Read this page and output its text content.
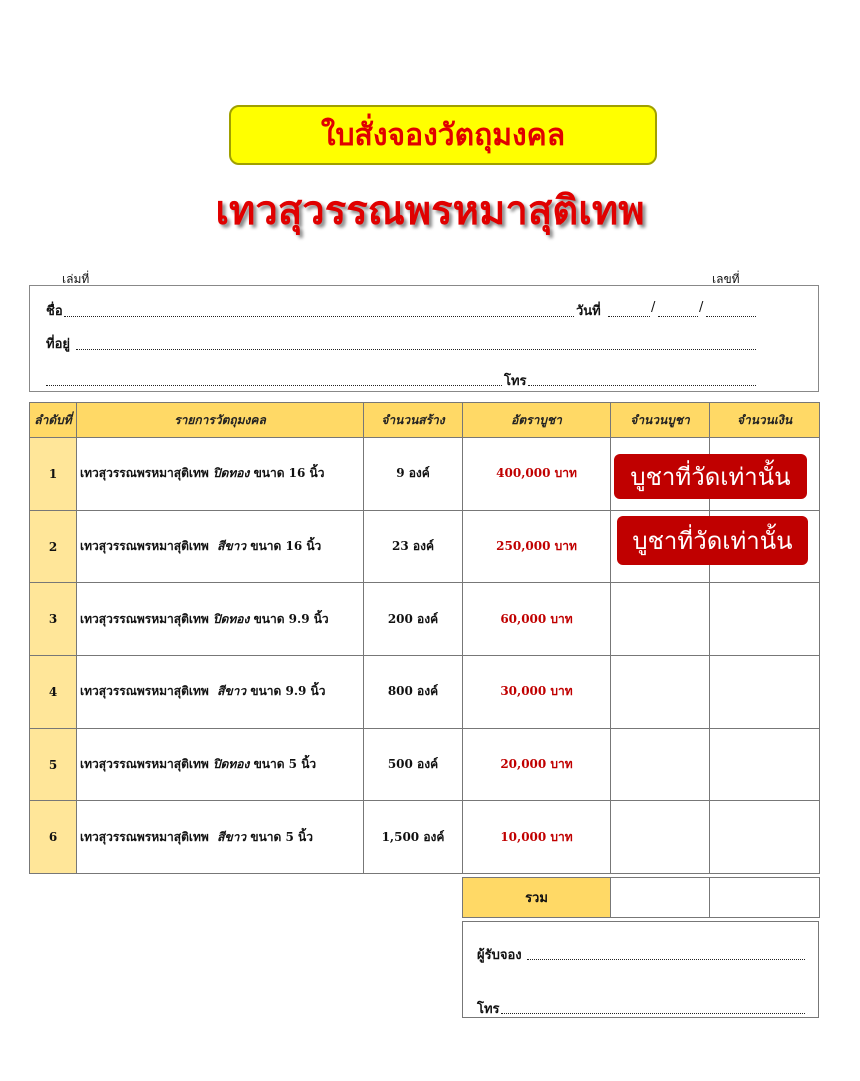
ใบสั่งจองวัตถุมงคล
เทวสุวรรณพรหมาสุติเทพ
เล่มที่	เลขที่
ชื่อ	วันที่	/	/
ที่อยู่
โทร
ลำดับที่	รายการวัตถุมงคล	จำนวนสร้าง	อัตราบูชา	จำนวนบูชา	จำนวนเงิน
1	เทวสุวรรณพรหมาสุติเทพ ปิดทอง ขนาด 16 นิ้ว	9 องค์	400,000 บาท		
2	เทวสุวรรณพรหมาสุติเทพ สีขาว ขนาด 16 นิ้ว	23 องค์	250,000 บาท		
3	เทวสุวรรณพรหมาสุติเทพ ปิดทอง ขนาด 9.9 นิ้ว	200 องค์	60,000 บาท		
4	เทวสุวรรณพรหมาสุติเทพ สีขาว ขนาด 9.9 นิ้ว	800 องค์	30,000 บาท		
5	เทวสุวรรณพรหมาสุติเทพ ปิดทอง ขนาด 5 นิ้ว	500 องค์	20,000 บาท		
6	เทวสุวรรณพรหมาสุติเทพ สีขาว ขนาด 5 นิ้ว	1,500 องค์	10,000 บาท		
บูชาที่วัดเท่านั้น
บูชาที่วัดเท่านั้น
รวม		
ผู้รับจอง
โทร
